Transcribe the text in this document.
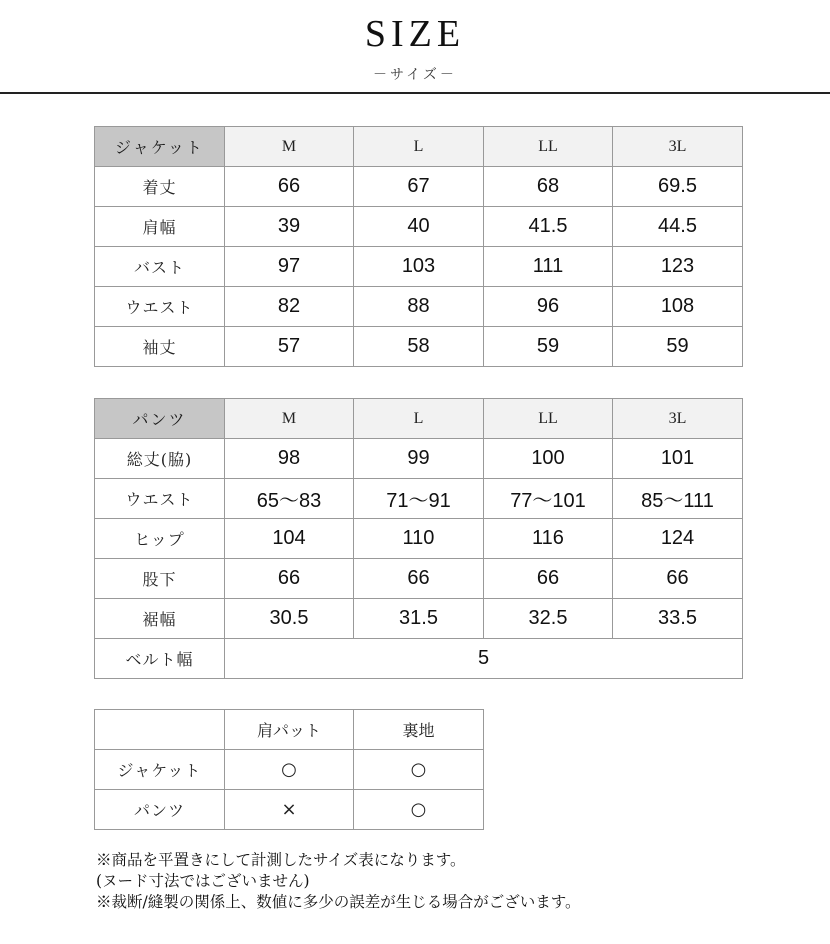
SIZE
－サイズ－
ジャケット	M	L	LL	3L
着丈	66	67	68	69.5
肩幅	39	40	41.5	44.5
バスト	97	103	111	123
ウエスト	82	88	96	108
袖丈	57	58	59	59
パンツ	M	L	LL	3L
総丈(脇)	98	99	100	101
ウエスト	65～83	71～91	77～101	85～111
ヒップ	104	110	116	124
股下	66	66	66	66
裾幅	30.5	31.5	32.5	33.5
ベルト幅	5			
	肩パット	裏地
ジャケット	○	○
パンツ	×	○
※商品を平置きにして計測したサイズ表になります。
(ヌード寸法ではございません)
※裁断/縫製の関係上、数値に多少の誤差が生じる場合がございます。
